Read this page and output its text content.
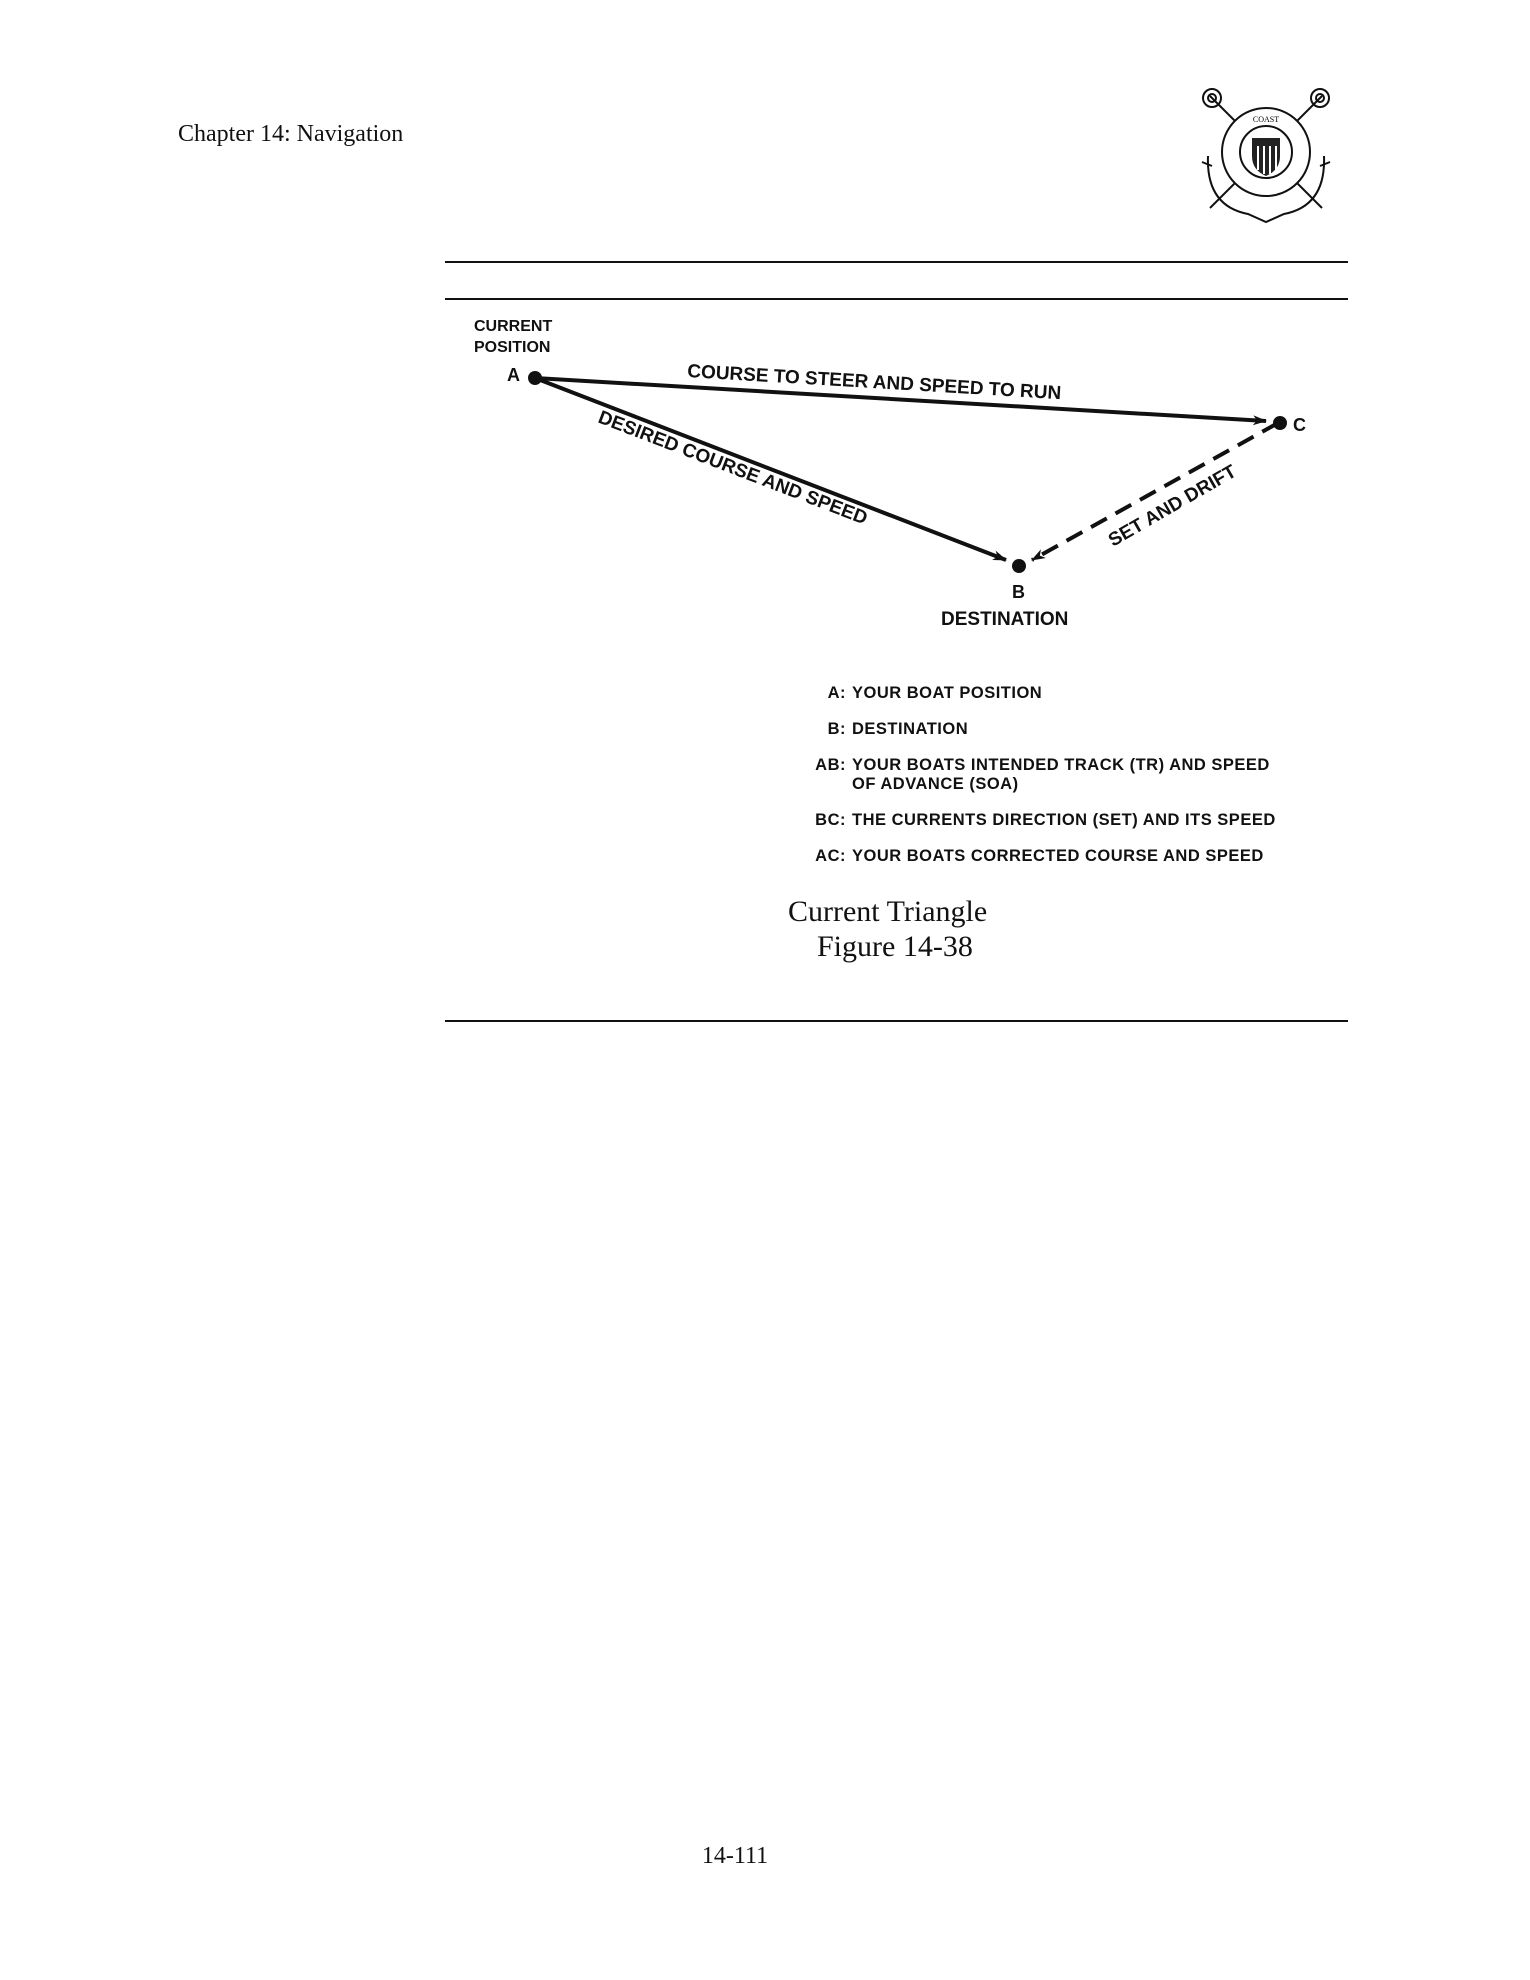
Chapter 14: Navigation
COAST
CURRENT
POSITION
A
C
B
DESTINATION
COURSE TO STEER AND SPEED TO RUN
DESIRED COURSE AND SPEED	SET AND DRIFT
A: YOUR BOAT POSITION
B: DESTINATION
AB: YOUR BOATS INTENDED TRACK (TR) AND SPEED OF ADVANCE (SOA)
BC: THE CURRENTS DIRECTION (SET) AND ITS SPEED
AC: YOUR BOATS CORRECTED COURSE AND SPEED
Current Triangle
Figure 14-38
14-111
